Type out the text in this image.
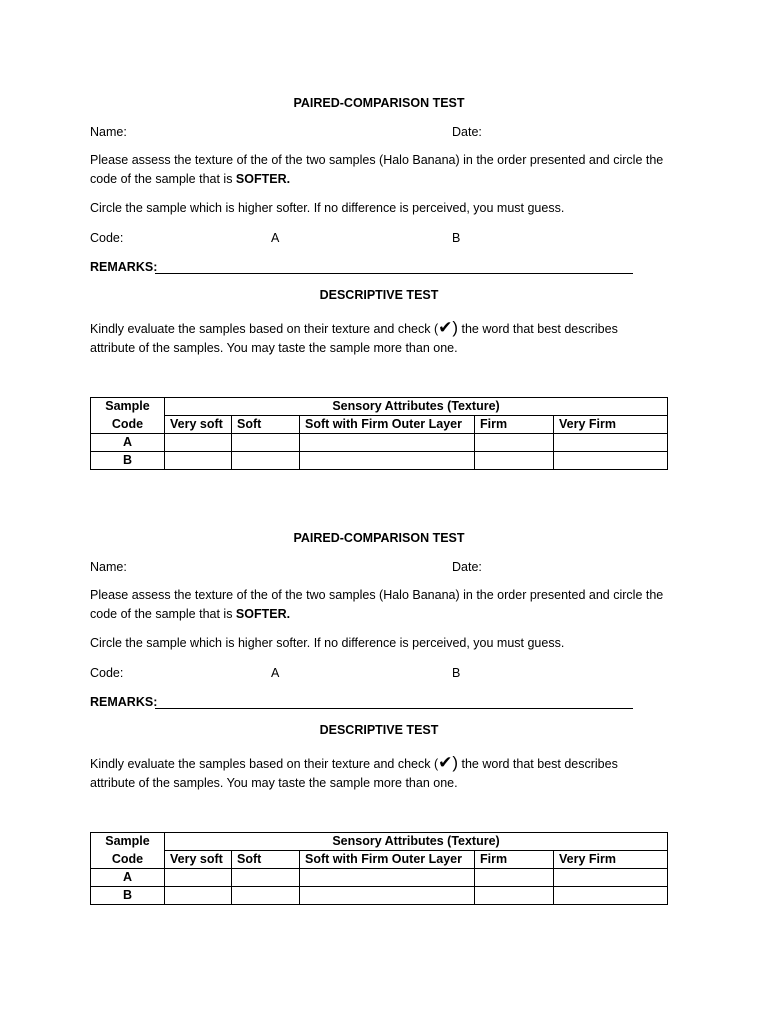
PAIRED-COMPARISON TEST
Name:	Date:
Please assess the texture of the of the two samples (Halo Banana) in the order presented and circle the code of the sample that is SOFTER.
Circle the sample which is higher softer. If no difference is perceived, you must guess.
Code:	A	B
REMARKS:
DESCRIPTIVE TEST
Kindly evaluate the samples based on their texture and check (✔) the word that best describes attribute of the samples. You may taste the sample more than one.
Sample	Sensory Attributes (Texture)				
Code	Very soft	Soft	Soft with Firm Outer Layer	Firm	Very Firm
A					
B					
PAIRED-COMPARISON TEST
Name:	Date:
Please assess the texture of the of the two samples (Halo Banana) in the order presented and circle the code of the sample that is SOFTER.
Circle the sample which is higher softer. If no difference is perceived, you must guess.
Code:	A	B
REMARKS:
DESCRIPTIVE TEST
Kindly evaluate the samples based on their texture and check (✔) the word that best describes attribute of the samples. You may taste the sample more than one.
Sample	Sensory Attributes (Texture)				
Code	Very soft	Soft	Soft with Firm Outer Layer	Firm	Very Firm
A					
B					
